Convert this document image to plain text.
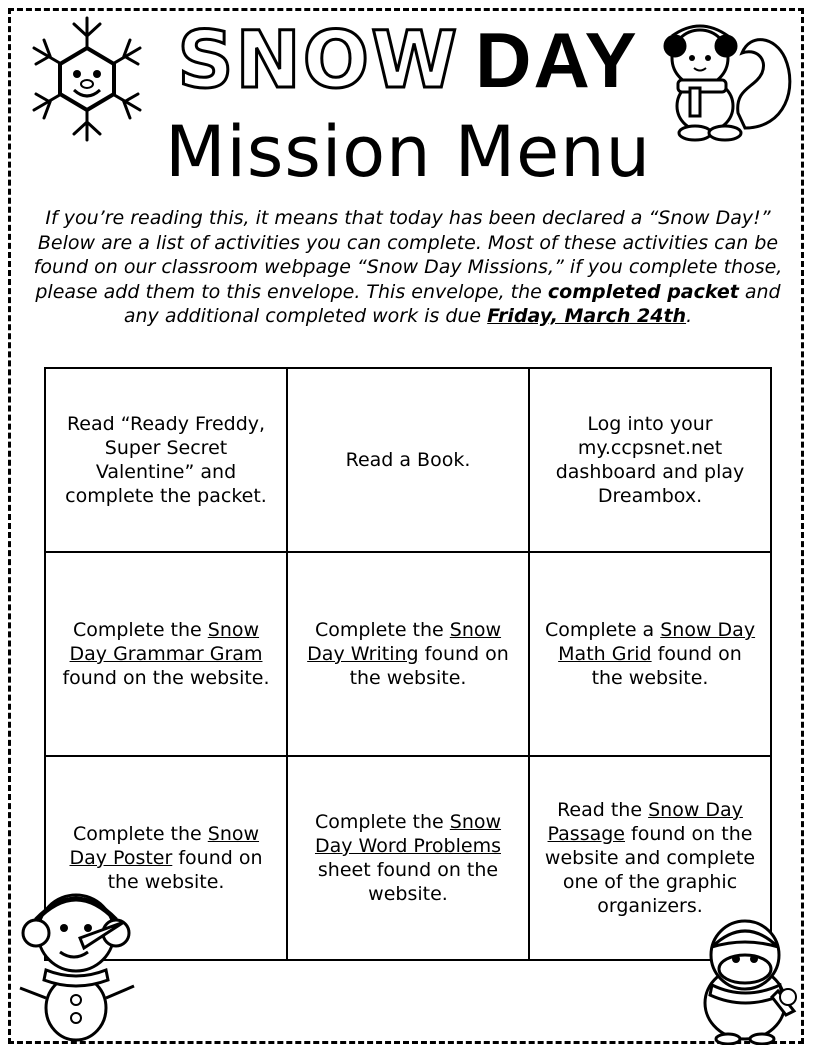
SNOW DAY
Mission Menu
If you’re reading this, it means that today has been declared a “Snow Day!” Below are a list of activities you can complete. Most of these activities can be found on our classroom webpage “Snow Day Missions,” if you complete those, please add them to this envelope. This envelope, the completed packet and any additional completed work is due Friday, March 24th.
Read “Ready Freddy, Super Secret Valentine” and complete the packet.	Read a Book.	Log into your my.ccpsnet.net dashboard and play Dreambox.
Complete the Snow Day Grammar Gram found on the website.	Complete the Snow Day Writing found on the website.	Complete a Snow Day Math Grid found on the website.
Complete the Snow Day Poster found on the website.	Complete the Snow Day Word Problems sheet found on the website.	Read the Snow Day Passage found on the website and complete one of the graphic organizers.
